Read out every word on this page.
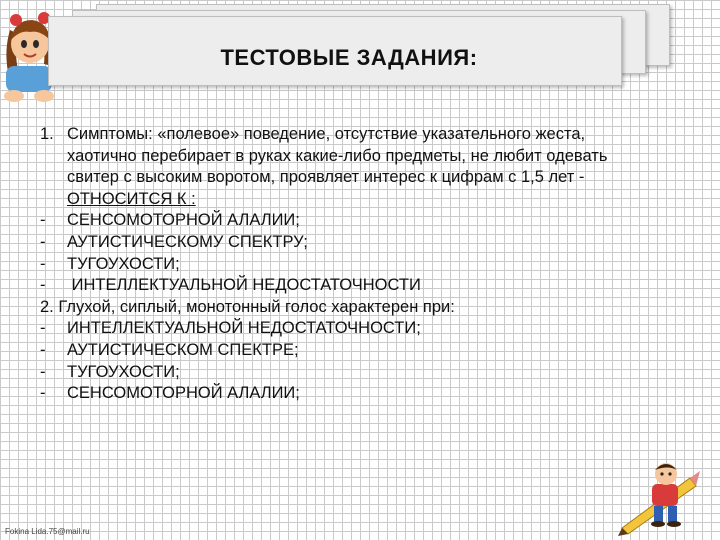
ТЕСТОВЫЕ ЗАДАНИЯ:
1. Симптомы: «полевое» поведение, отсутствие указательного жеста,
хаотично перебирает в руках какие-либо предметы, не любит одевать
свитер с высоким воротом, проявляет интерес к цифрам с 1,5 лет -
ОТНОСИТСЯ К :
-	СЕНСОМОТОРНОЙ АЛАЛИИ;
-	АУТИСТИЧЕСКОМУ СПЕКТРУ;
-	ТУГОУХОСТИ;
-	ИНТЕЛЛЕКТУАЛЬНОЙ НЕДОСТАТОЧНОСТИ
2. Глухой, сиплый, монотонный голос характерен при:
-	ИНТЕЛЛЕКТУАЛЬНОЙ НЕДОСТАТОЧНОСТИ;
-	АУТИСТИЧЕСКОМ СПЕКТРЕ;
-	ТУГОУХОСТИ;
-	СЕНСОМОТОРНОЙ АЛАЛИИ;
Fokina Lida.75@mail.ru
